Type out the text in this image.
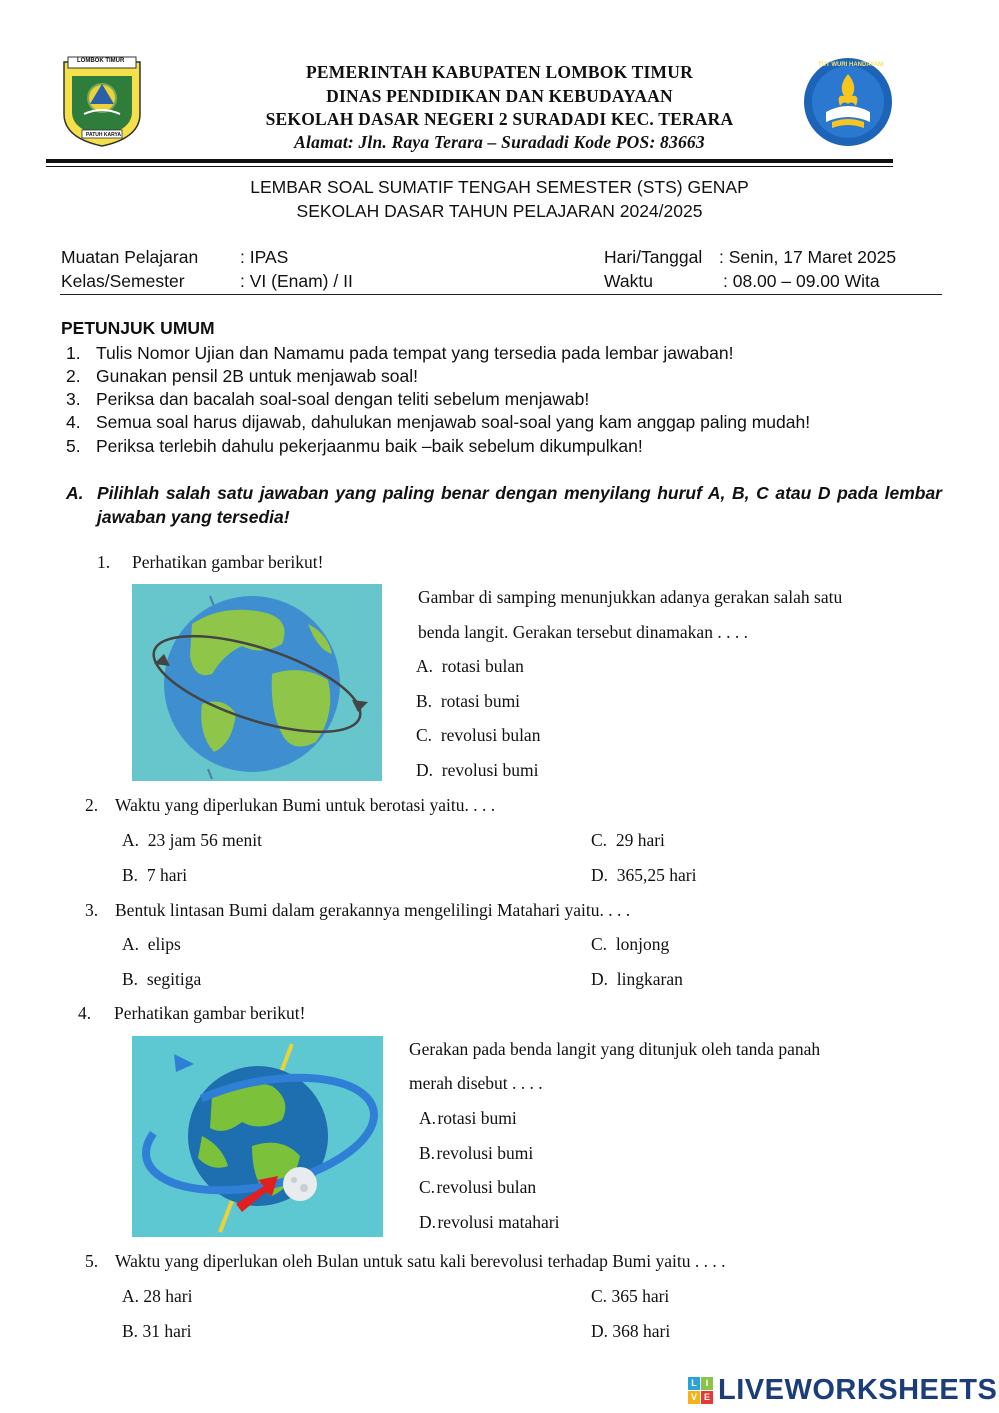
LOMBOK TIMUR
PATUH KARYA
TUT WURI HANDAYANI
PEMERINTAH KABUPATEN LOMBOK TIMUR
DINAS PENDIDIKAN DAN KEBUDAYAAN
SEKOLAH DASAR NEGERI 2 SURADADI KEC. TERARA
Alamat: Jln. Raya Terara – Suradadi Kode POS: 83663
LEMBAR SOAL SUMATIF TENGAH SEMESTER (STS) GENAP
SEKOLAH DASAR TAHUN PELAJARAN 2024/2025
Muatan Pelajaran : IPAS
Kelas/Semester	: VI (Enam) / II
Hari/Tanggal : Senin, 17 Maret 2025
Waktu	: 08.00 – 09.00 Wita
PETUNJUK UMUM
1. Tulis Nomor Ujian dan Namamu pada tempat yang tersedia pada lembar jawaban!
2. Gunakan pensil 2B untuk menjawab soal!
3. Periksa dan bacalah soal-soal dengan teliti sebelum menjawab!
4. Semua soal harus dijawab, dahulukan menjawab soal-soal yang kam anggap paling mudah!
5. Periksa terlebih dahulu pekerjaanmu baik –baik sebelum dikumpulkan!
A. Pilihlah salah satu jawaban yang paling benar dengan menyilang huruf A, B, C atau D pada lembar jawaban yang tersedia!
1. Perhatikan gambar berikut!
Gambar di samping menunjukkan adanya gerakan salah satu
benda langit. Gerakan tersebut dinamakan . . . .
A. rotasi bulan
B. rotasi bumi
C. revolusi bulan
D. revolusi bumi
2. Waktu yang diperlukan Bumi untuk berotasi yaitu. . . .
A. 23 jam 56 menit
B. 7 hari
C. 29 hari
D. 365,25 hari
3. Bentuk lintasan Bumi dalam gerakannya mengelilingi Matahari yaitu. . . .
A. elips
B. segitiga
C. lonjong
D. lingkaran
4. Perhatikan gambar berikut!
Gerakan pada benda langit yang ditunjuk oleh tanda panah
merah disebut . . . .
A. rotasi bumi
B. revolusi bumi
C. revolusi bulan
D. revolusi matahari
5. Waktu yang diperlukan oleh Bulan untuk satu kali berevolusi terhadap Bumi yaitu . . . .
A. 28 hari
B. 31 hari
C. 365 hari
D. 368 hari
L I
V E LIVEWORKSHEETS
